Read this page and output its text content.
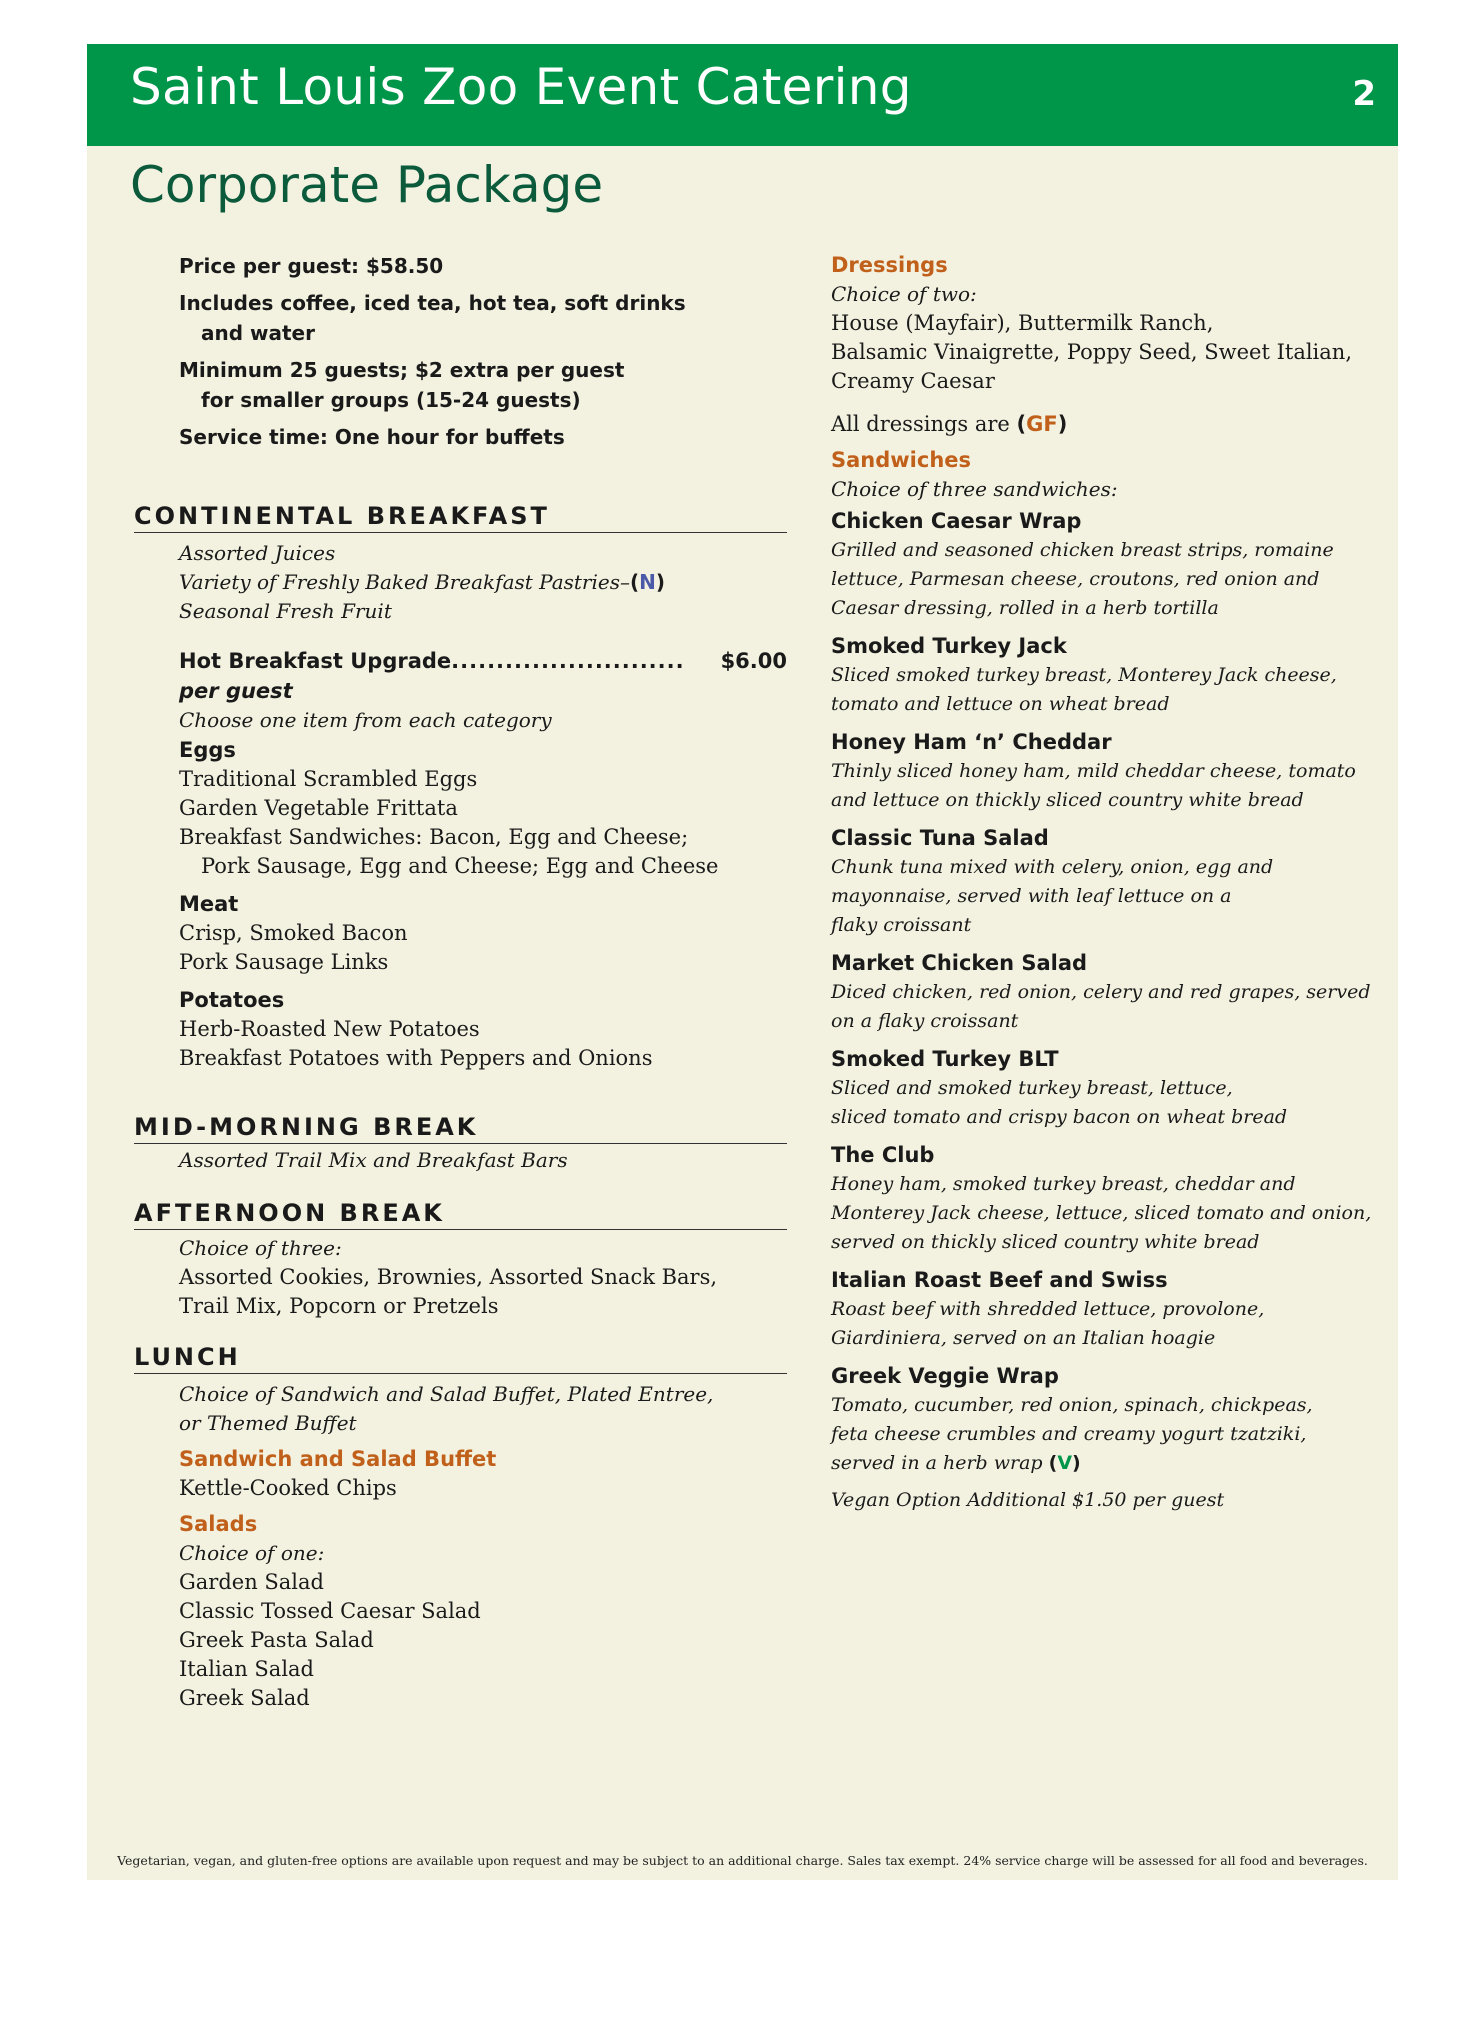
Saint Louis Zoo Event Catering	2
Corporate Package
Price per guest: $58.50
Includes coffee, iced tea, hot tea, soft drinks
and water
Minimum 25 guests; $2 extra per guest
for smaller groups (15-24 guests)
Service time: One hour for buffets
CONTINENTAL BREAKFAST
Assorted Juices
Variety of Freshly Baked Breakfast Pastries–(N)
Seasonal Fresh Fruit
Hot Breakfast Upgrade ..........................	$6.00
per guest
Choose one item from each category
Eggs
Traditional Scrambled Eggs
Garden Vegetable Frittata
Breakfast Sandwiches: Bacon, Egg and Cheese;
Pork Sausage, Egg and Cheese; Egg and Cheese
Meat
Crisp, Smoked Bacon
Pork Sausage Links
Potatoes
Herb-Roasted New Potatoes
Breakfast Potatoes with Peppers and Onions
MID-MORNING BREAK
Assorted Trail Mix and Breakfast Bars
AFTERNOON BREAK
Choice of three:
Assorted Cookies, Brownies, Assorted Snack Bars,
Trail Mix, Popcorn or Pretzels
LUNCH
Choice of Sandwich and Salad Buffet, Plated Entree,
or Themed Buffet
Sandwich and Salad Buffet
Kettle-Cooked Chips
Salads
Choice of one:
Garden Salad
Classic Tossed Caesar Salad
Greek Pasta Salad
Italian Salad
Greek Salad
Dressings
Choice of two:
House (Mayfair), Buttermilk Ranch,
Balsamic Vinaigrette, Poppy Seed, Sweet Italian,
Creamy Caesar
All dressings are (GF)
Sandwiches
Choice of three sandwiches:
Chicken Caesar Wrap
Grilled and seasoned chicken breast strips, romaine
lettuce, Parmesan cheese, croutons, red onion and
Caesar dressing, rolled in a herb tortilla
Smoked Turkey Jack
Sliced smoked turkey breast, Monterey Jack cheese,
tomato and lettuce on wheat bread
Honey Ham ‘n’ Cheddar
Thinly sliced honey ham, mild cheddar cheese, tomato
and lettuce on thickly sliced country white bread
Classic Tuna Salad
Chunk tuna mixed with celery, onion, egg and
mayonnaise, served with leaf lettuce on a
flaky croissant
Market Chicken Salad
Diced chicken, red onion, celery and red grapes, served
on a flaky croissant
Smoked Turkey BLT
Sliced and smoked turkey breast, lettuce,
sliced tomato and crispy bacon on wheat bread
The Club
Honey ham, smoked turkey breast, cheddar and
Monterey Jack cheese, lettuce, sliced tomato and onion,
served on thickly sliced country white bread
Italian Roast Beef and Swiss
Roast beef with shredded lettuce, provolone,
Giardiniera, served on an Italian hoagie
Greek Veggie Wrap
Tomato, cucumber, red onion, spinach, chickpeas,
feta cheese crumbles and creamy yogurt tzatziki,
served in a herb wrap (V)
Vegan Option Additional $1.50 per guest
Vegetarian, vegan, and gluten-free options are available upon request and may be subject to an additional charge. Sales tax exempt. 24% service charge will be assessed for all food and beverages.
